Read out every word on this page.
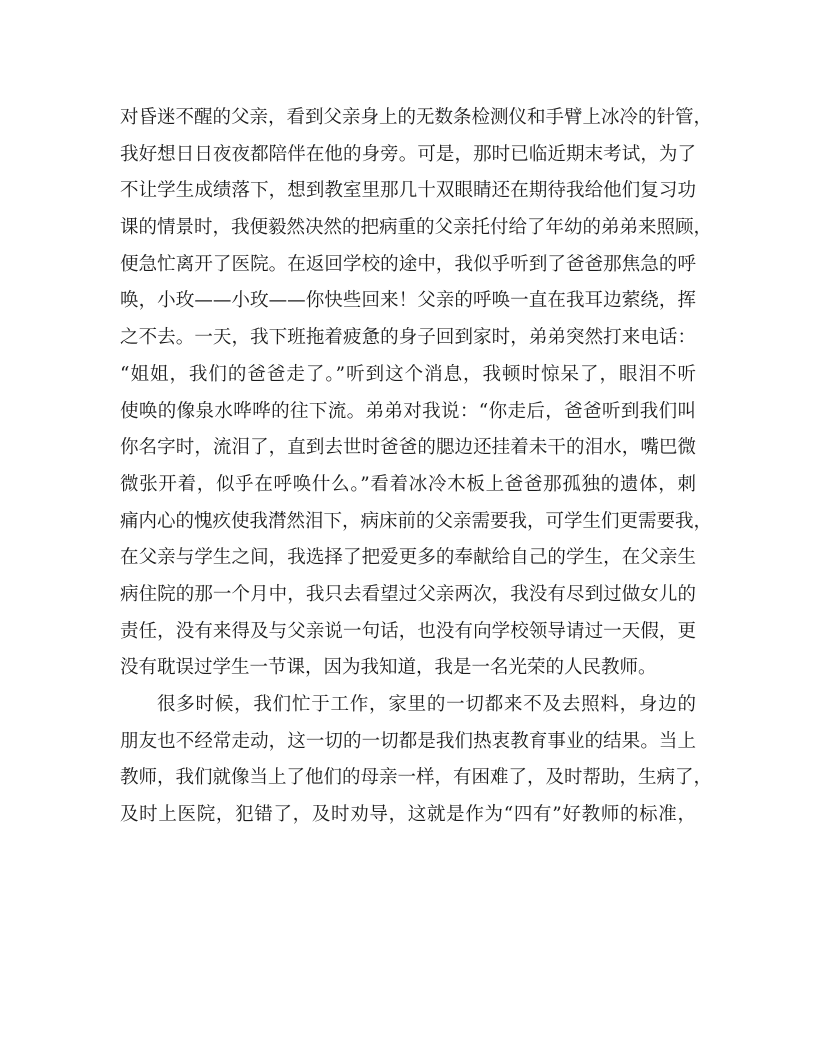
对昏迷不醒的父亲，看到父亲身上的无数条检测仪和手臂上冰冷的针管，
我好想日日夜夜都陪伴在他的身旁。可是，那时已临近期末考试，为了
不让学生成绩落下，想到教室里那几十双眼睛还在期待我给他们复习功
课的情景时，我便毅然决然的把病重的父亲托付给了年幼的弟弟来照顾，
便急忙离开了医院。在返回学校的途中，我似乎听到了爸爸那焦急的呼
唤，小玫——小玫——你快些回来！父亲的呼唤一直在我耳边萦绕，挥
之不去。一天，我下班拖着疲惫的身子回到家时，弟弟突然打来电话：
“姐姐，我们的爸爸走了。”听到这个消息，我顿时惊呆了，眼泪不听
使唤的像泉水哗哗的往下流。弟弟对我说：“你走后，爸爸听到我们叫
你名字时，流泪了，直到去世时爸爸的腮边还挂着未干的泪水，嘴巴微
微张开着，似乎在呼唤什么。”看着冰冷木板上爸爸那孤独的遗体，刺
痛内心的愧疚使我潸然泪下，病床前的父亲需要我，可学生们更需要我，
在父亲与学生之间，我选择了把爱更多的奉献给自己的学生，在父亲生
病住院的那一个月中，我只去看望过父亲两次，我没有尽到过做女儿的
责任，没有来得及与父亲说一句话，也没有向学校领导请过一天假，更
没有耽误过学生一节课，因为我知道，我是一名光荣的人民教师。
很多时候，我们忙于工作，家里的一切都来不及去照料，身边的
朋友也不经常走动，这一切的一切都是我们热衷教育事业的结果。当上
教师，我们就像当上了他们的母亲一样，有困难了，及时帮助，生病了，
及时上医院，犯错了，及时劝导，这就是作为“四有”好教师的标准，
